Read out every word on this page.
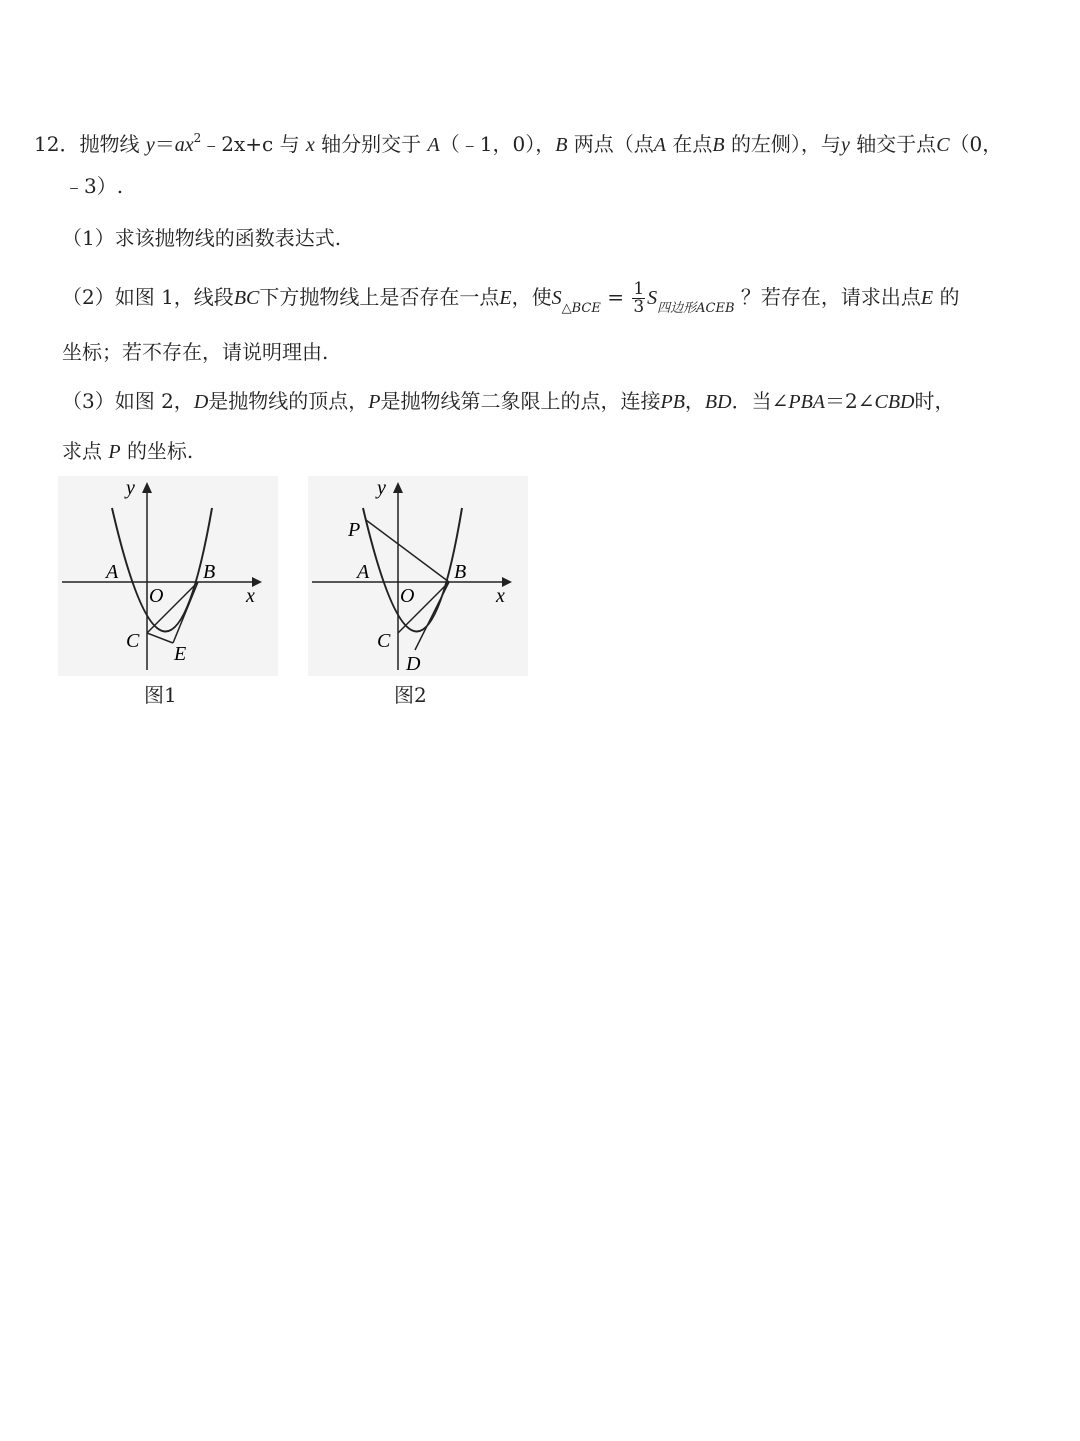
12．抛物线 $y=ax^2﹣2x+c$ 与 x 轴分别交于 A（﹣1，0），B 两点（点A 在点B 的左侧），与y 轴交于点C（0，
﹣3）.
（1）求该抛物线的函数表达式.
（2）如图 1，线段BC下方抛物线上是否存在一点E，使$S_{\triangle BCE} = \frac{1}{3} S_{四边形ACEB}$ ？若存在，请求出点E 的
坐标；若不存在，请说明理由.
（3）如图 2，D是抛物线的顶点，P是抛物线第二象限上的点，连接PB，BD．当∠PBA＝2∠CBD时，
求点 P 的坐标.
y
x
A	B
O
C
E
图1
y
x
P
A	B
O
C
D
图2
